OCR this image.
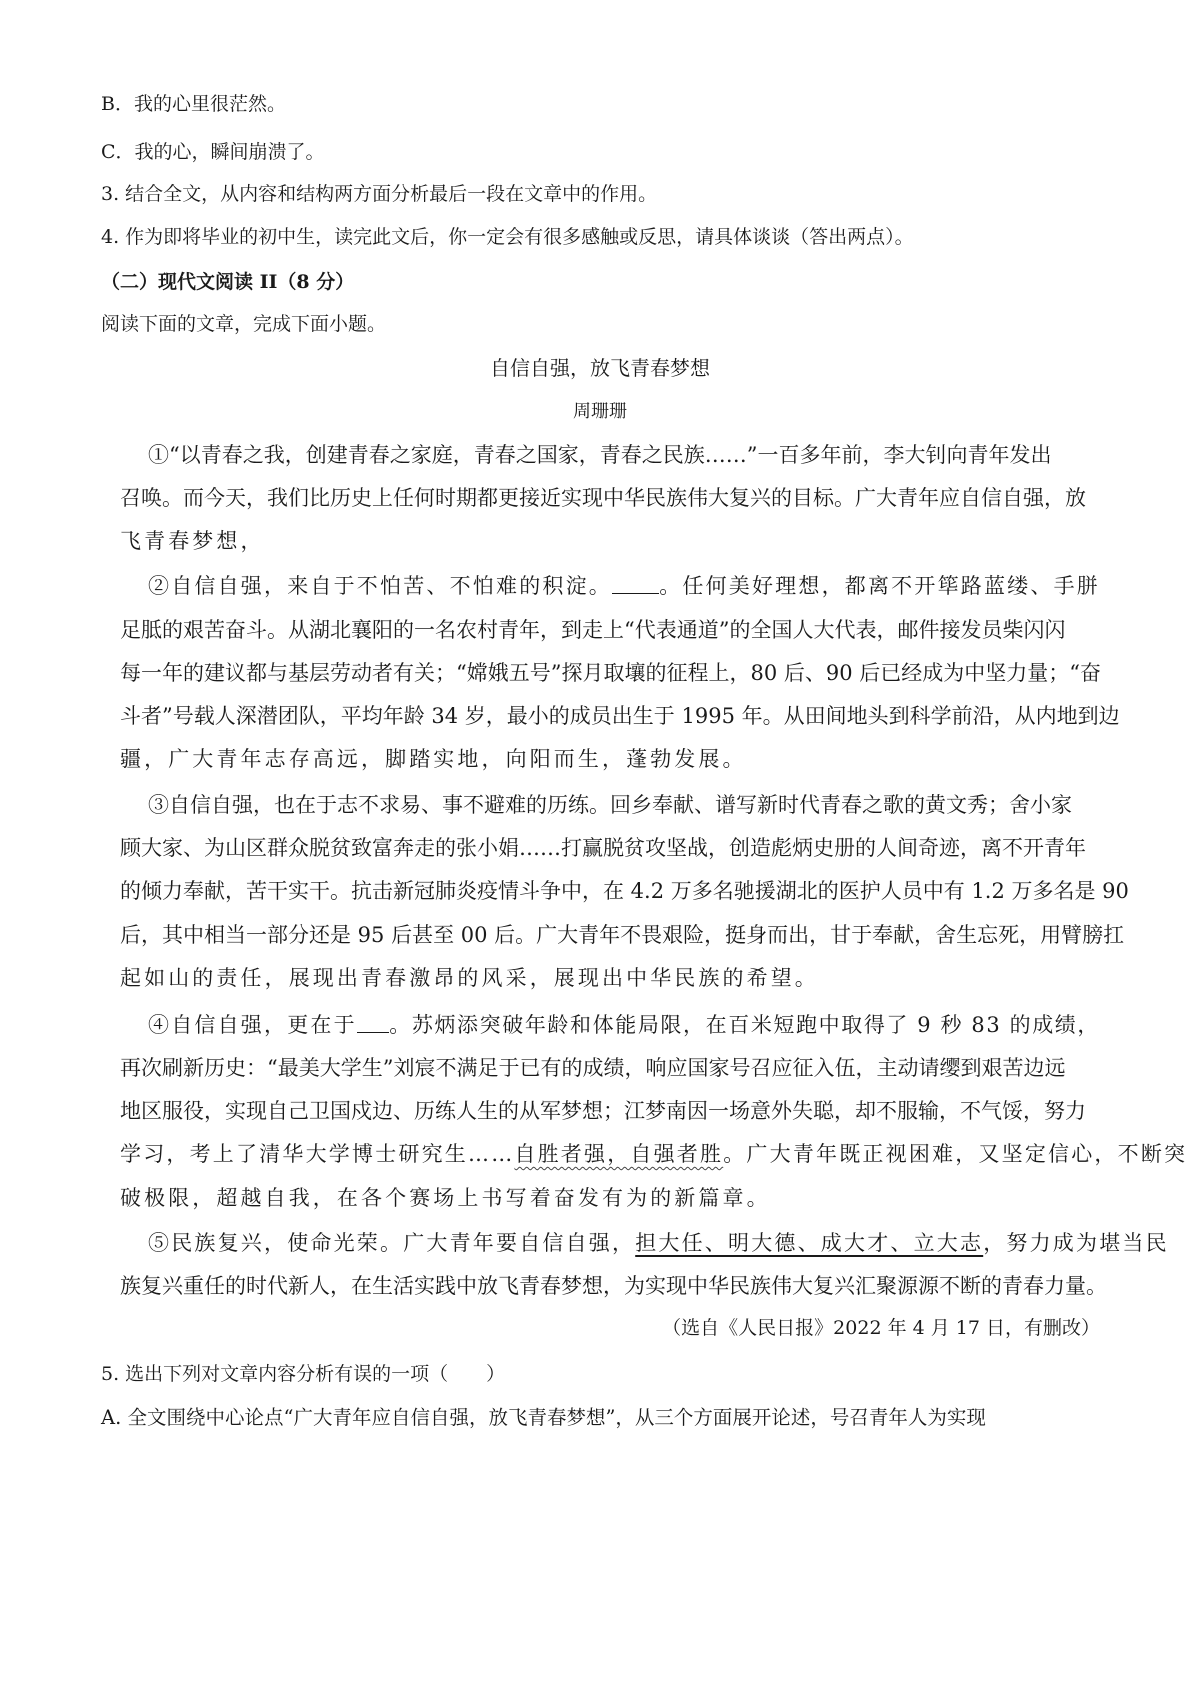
B．我的心里很茫然。
C．我的心，瞬间崩溃了。
3. 结合全文，从内容和结构两方面分析最后一段在文章中的作用。
4. 作为即将毕业的初中生，读完此文后，你一定会有很多感触或反思，请具体谈谈（答出两点）。
（二）现代文阅读 II（8 分）
阅读下面的文章，完成下面小题。
自信自强，放飞青春梦想
周珊珊
①“以青春之我，创建青春之家庭，青春之国家，青春之民族……”一百多年前，李大钊向青年发出
召唤。而今天，我们比历史上任何时期都更接近实现中华民族伟大复兴的目标。广大青年应自信自强，放
飞青春梦想，
②自信自强，来自于不怕苦、不怕难的积淀。 。任何美好理想，都离不开筚路蓝缕、手胼
足胝的艰苦奋斗。从湖北襄阳的一名农村青年，到走上“代表通道”的全国人大代表，邮件接发员柴闪闪
每一年的建议都与基层劳动者有关；“嫦娥五号”探月取壤的征程上，80 后、90 后已经成为中坚力量；“奋
斗者”号载人深潜团队，平均年龄 34 岁，最小的成员出生于 1995 年。从田间地头到科学前沿，从内地到边
疆，广大青年志存高远，脚踏实地，向阳而生，蓬勃发展。
③自信自强，也在于志不求易、事不避难的历练。回乡奉献、谱写新时代青春之歌的黄文秀；舍小家
顾大家、为山区群众脱贫致富奔走的张小娟……打赢脱贫攻坚战，创造彪炳史册的人间奇迹，离不开青年
的倾力奉献，苦干实干。抗击新冠肺炎疫情斗争中，在 4.2 万多名驰援湖北的医护人员中有 1.2 万多名是 90
后，其中相当一部分还是 95 后甚至 00 后。广大青年不畏艰险，挺身而出，甘于奉献，舍生忘死，用臂膀扛
起如山的责任，展现出青春激昂的风采，展现出中华民族的希望。
④自信自强，更在于 。苏炳添突破年龄和体能局限，在百米短跑中取得了 9 秒 83 的成绩，
再次刷新历史：“最美大学生”刘宸不满足于已有的成绩，响应国家号召应征入伍，主动请缨到艰苦边远
地区服役，实现自己卫国戍边、历练人生的从军梦想；江梦南因一场意外失聪，却不服输，不气馁，努力
学习，考上了清华大学博士研究生…… 自胜者强，自强者胜 。广大青年既正视困难，又坚定信心，不断突
破极限，超越自我，在各个赛场上书写着奋发有为的新篇章。
⑤民族复兴，使命光荣。广大青年要自信自强， 担大任、明大德、成大才、立大志 ，努力成为堪当民
族复兴重任的时代新人，在生活实践中放飞青春梦想，为实现中华民族伟大复兴汇聚源源不断的青春力量。
（选自《人民日报》2022 年 4 月 17 日，有删改）
5. 选出下列对文章内容分析有误的一项（　　）
A. 全文围绕中心论点“广大青年应自信自强，放飞青春梦想”，从三个方面展开论述，号召青年人为实现
